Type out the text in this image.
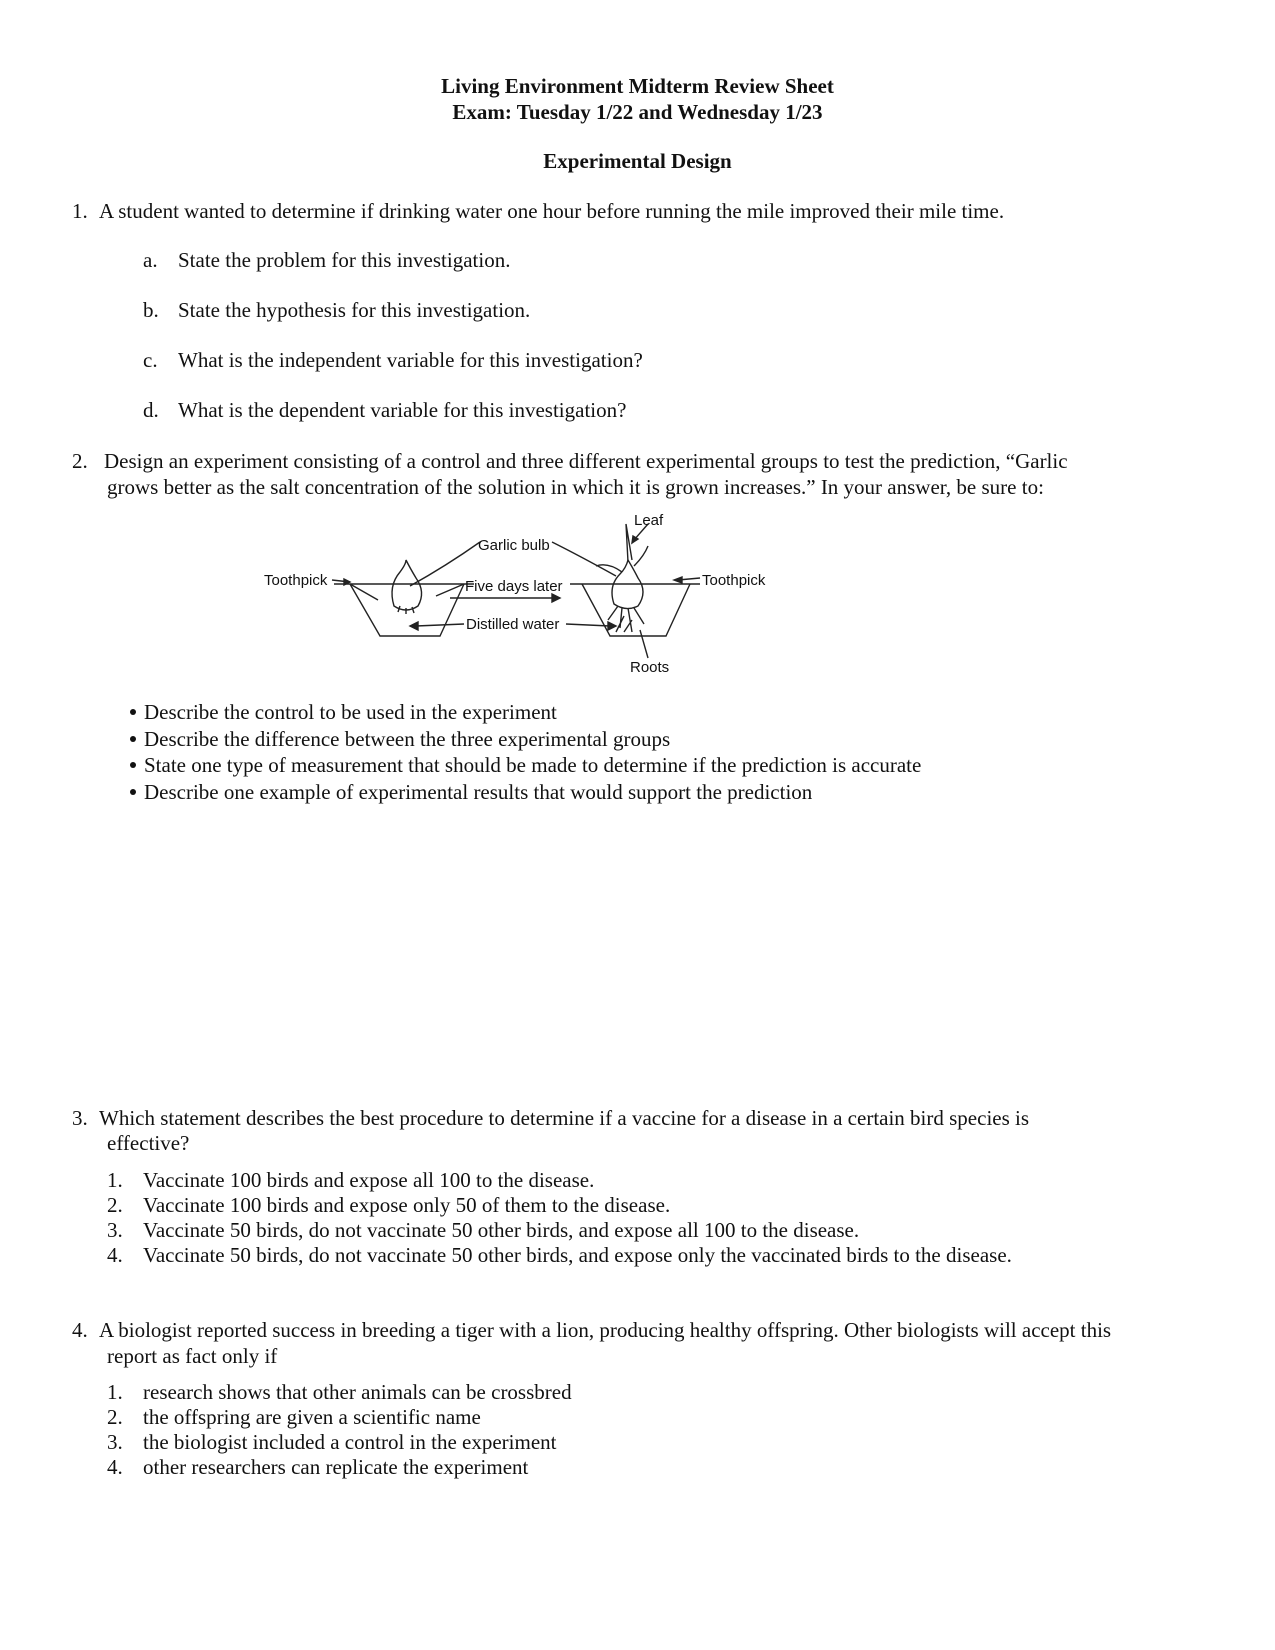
Living Environment Midterm Review Sheet
Exam: Tuesday 1/22 and Wednesday 1/23
Experimental Design
1. A student wanted to determine if drinking water one hour before running the mile improved their mile time.
a. State the problem for this investigation.
b. State the hypothesis for this investigation.
c. What is the independent variable for this investigation?
d. What is the dependent variable for this investigation?
2. Design an experiment consisting of a control and three different experimental groups to test the prediction, “Garlic
grows better as the salt concentration of the solution in which it is grown increases.” In your answer, be sure to:
Leaf
Garlic bulb
Toothpick	Toothpick
Five days later
Distilled water
Roots
Describe the control to be used in the experiment
Describe the difference between the three experimental groups
State one type of measurement that should be made to determine if the prediction is accurate
Describe one example of experimental results that would support the prediction
3. Which statement describes the best procedure to determine if a vaccine for a disease in a certain bird species is
effective?
1. Vaccinate 100 birds and expose all 100 to the disease.
2. Vaccinate 100 birds and expose only 50 of them to the disease.
3. Vaccinate 50 birds, do not vaccinate 50 other birds, and expose all 100 to the disease.
4. Vaccinate 50 birds, do not vaccinate 50 other birds, and expose only the vaccinated birds to the disease.
4. A biologist reported success in breeding a tiger with a lion, producing healthy offspring. Other biologists will accept this
report as fact only if
1. research shows that other animals can be crossbred
2. the offspring are given a scientific name
3. the biologist included a control in the experiment
4. other researchers can replicate the experiment
